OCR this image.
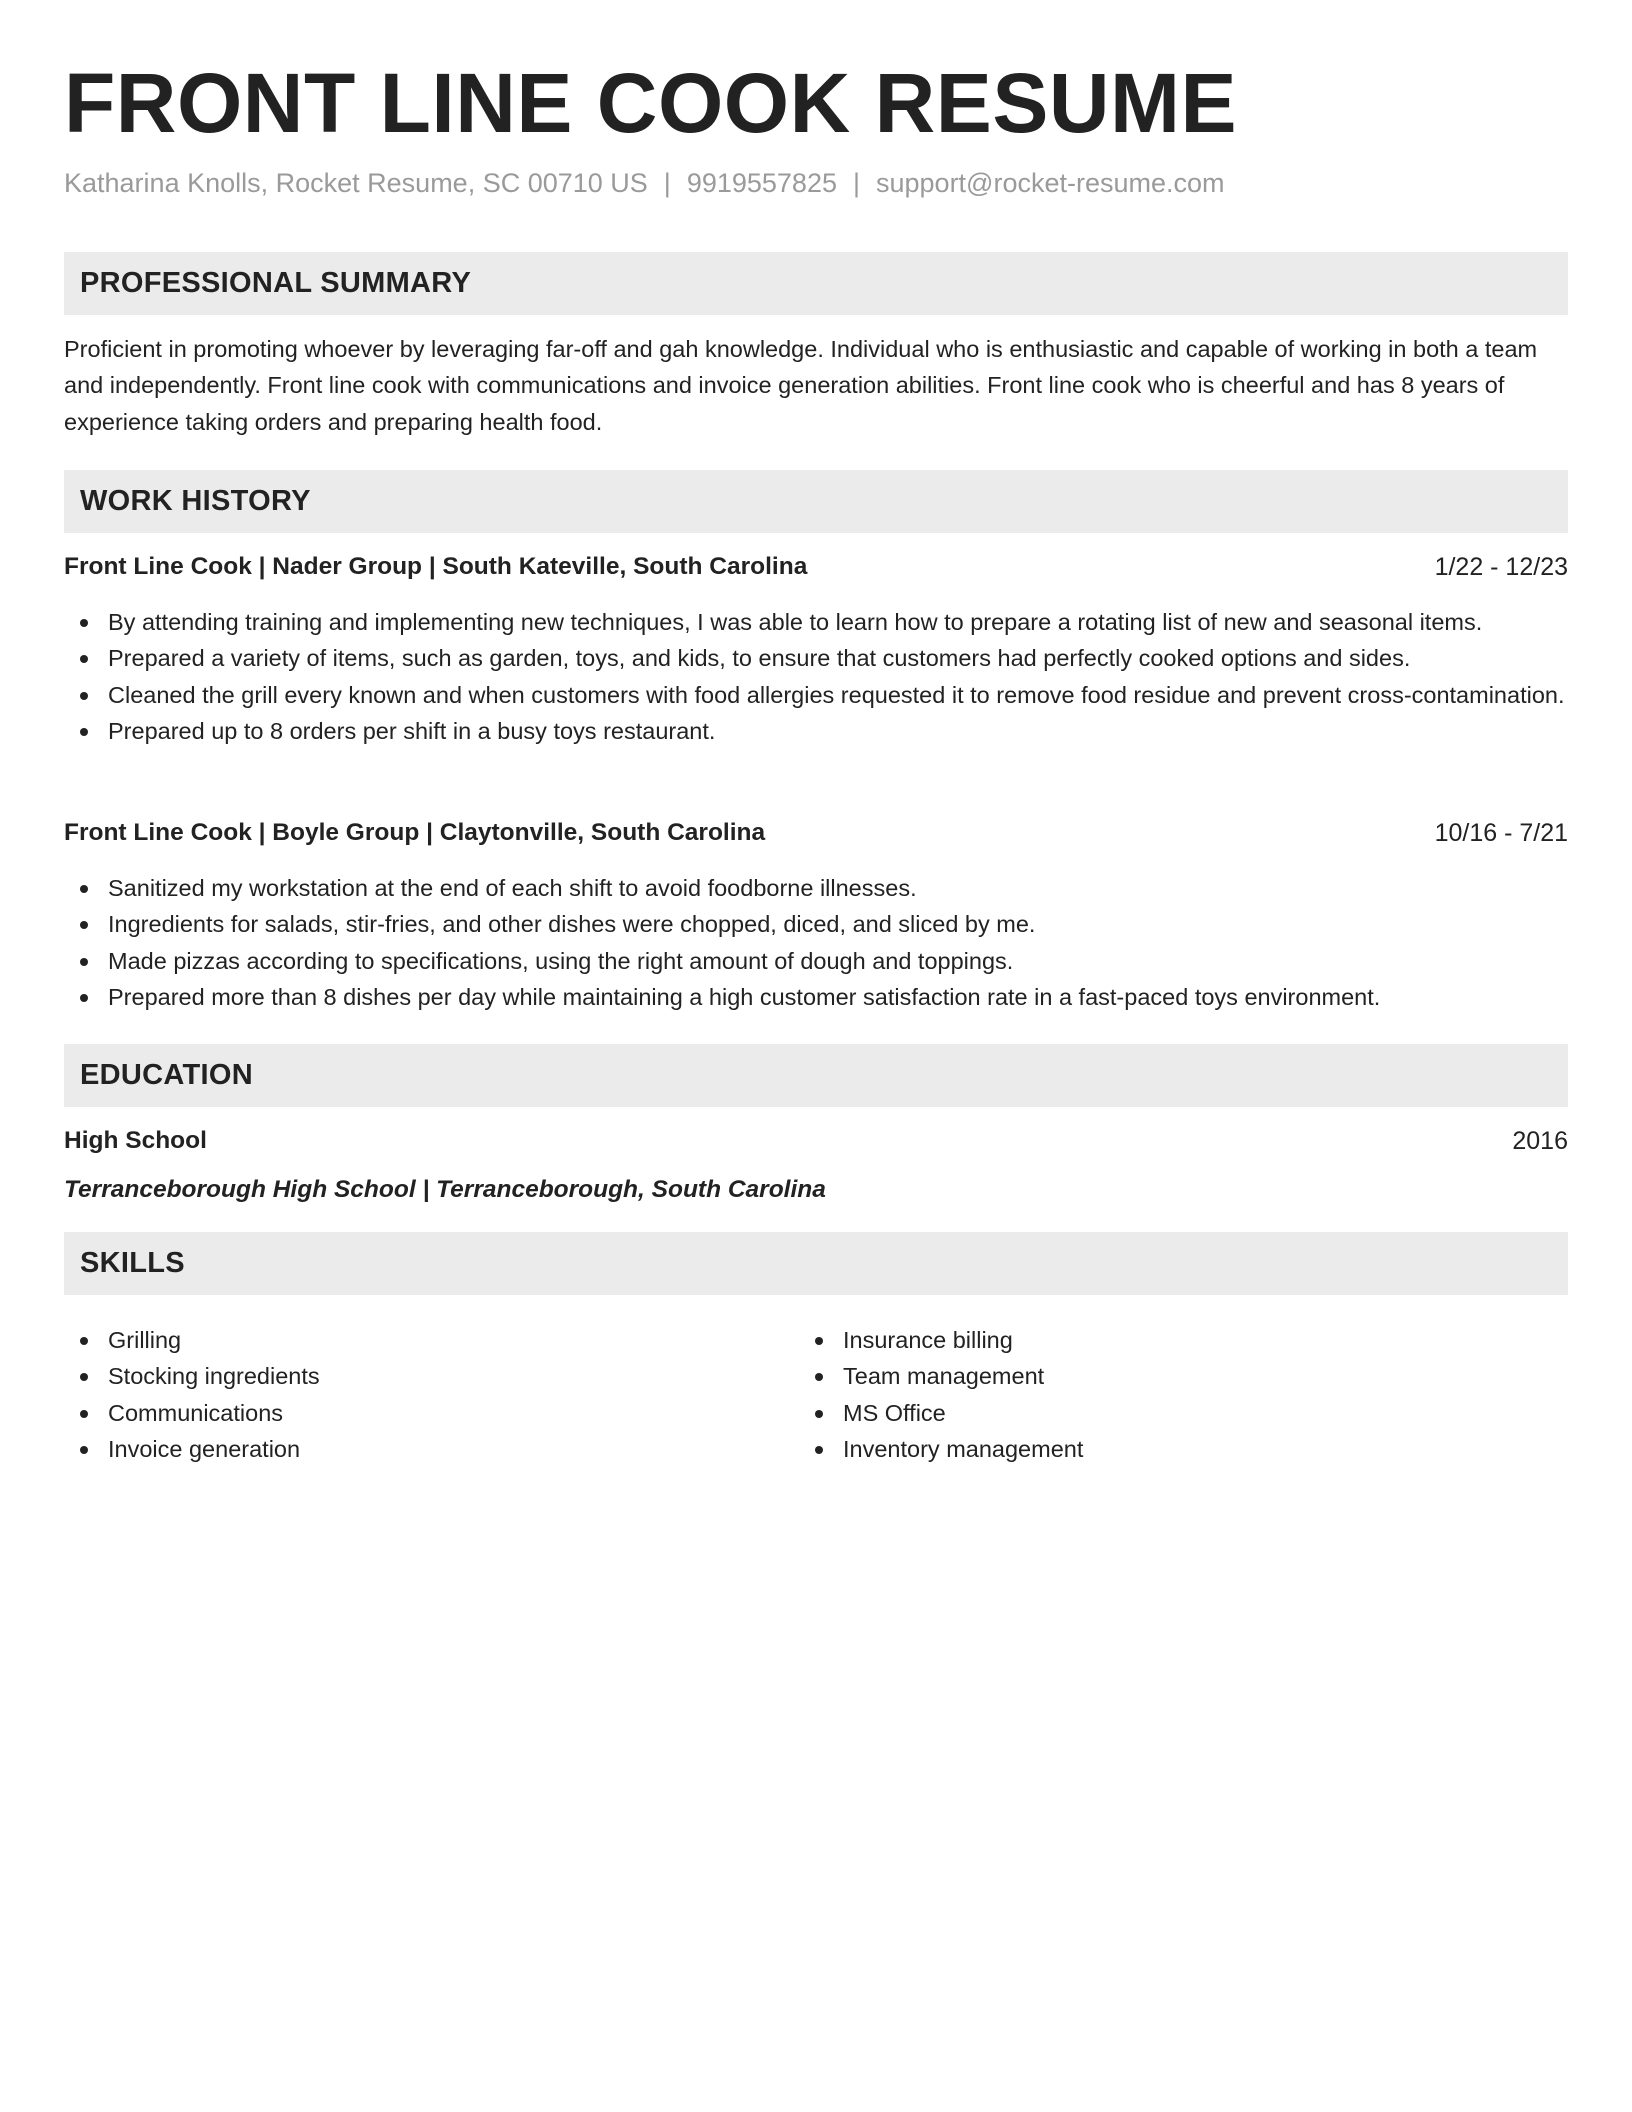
FRONT LINE COOK RESUME
Katharina Knolls, Rocket Resume, SC 00710 US | 9919557825 | support@rocket-resume.com
PROFESSIONAL SUMMARY
Proficient in promoting whoever by leveraging far-off and gah knowledge. Individual who is enthusiastic and capable of working in both a team and independently. Front line cook with communications and invoice generation abilities. Front line cook who is cheerful and has 8 years of experience taking orders and preparing health food.
WORK HISTORY
Front Line Cook | Nader Group | South Kateville, South Carolina	1/22 - 12/23
By attending training and implementing new techniques, I was able to learn how to prepare a rotating list of new and seasonal items.
Prepared a variety of items, such as garden, toys, and kids, to ensure that customers had perfectly cooked options and sides.
Cleaned the grill every known and when customers with food allergies requested it to remove food residue and prevent cross-contamination.
Prepared up to 8 orders per shift in a busy toys restaurant.
Front Line Cook | Boyle Group | Claytonville, South Carolina	10/16 - 7/21
Sanitized my workstation at the end of each shift to avoid foodborne illnesses.
Ingredients for salads, stir-fries, and other dishes were chopped, diced, and sliced by me.
Made pizzas according to specifications, using the right amount of dough and toppings.
Prepared more than 8 dishes per day while maintaining a high customer satisfaction rate in a fast-paced toys environment.
EDUCATION
High School	2016
Terranceborough High School | Terranceborough, South Carolina
SKILLS
Grilling
Stocking ingredients
Communications
Invoice generation
Insurance billing
Team management
MS Office
Inventory management
